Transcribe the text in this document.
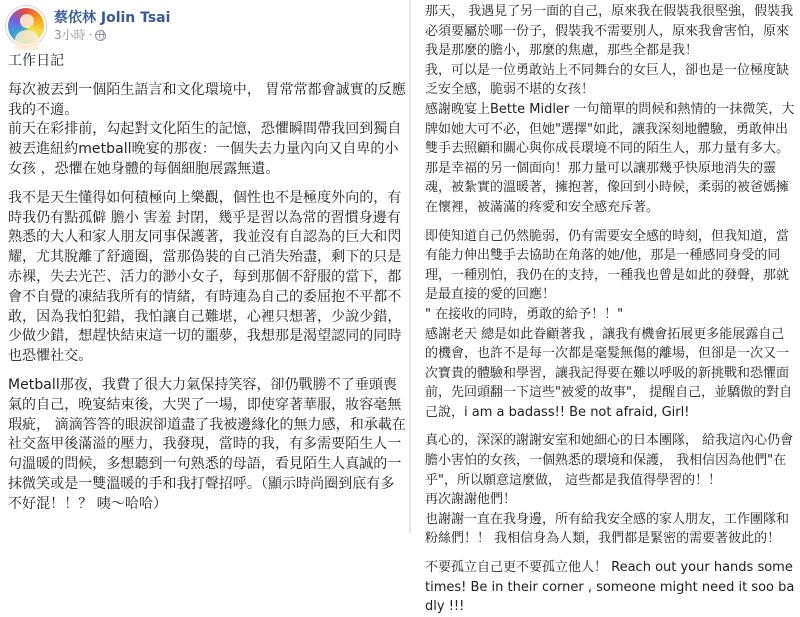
蔡依林 Jolin Tsai
3小時 ·
工作日記
每次被丟到一個陌生語言和文化環境中， 胃常常都會誠實的反應我的不適。
前天在彩排前，勾起對文化陌生的記憶，恐懼瞬間帶我回到獨自被丟進紐約metball晚宴的那夜：一個失去力量內向又自卑的小女孩 ，恐懼在她身體的每個細胞展露無遺。
我不是天生懂得如何積極向上樂觀，個性也不是極度外向的，有時我仍有點孤僻 膽小 害羞 封閉，幾乎是習以為常的習慣身邊有熟悉的大人和家人朋友同事保護著，我並沒有自認為的巨大和閃耀，尤其脫離了舒適圈，當那偽裝的自己消失殆盡，剩下的只是赤裸，失去光芒、活力的渺小女子，每到那個不舒服的當下，都會不自覺的凍結我所有的情緒，有時連為自己的委屈抱不平都不敢，因為我怕犯錯，我怕讓自己難堪，心裡只想著，少說少錯，少做少錯，想趕快結束這一切的噩夢，我想那是渴望認同的同時也恐懼社交。
Metball那夜，我費了很大力氣保持笑容，卻仍戰勝不了垂頭喪氣的自己，晚宴結束後，大哭了一場，即使穿著華服，妝容毫無瑕疵， 滴滴答答的眼淚卻道盡了我被邊緣化的無力感，和承載在社交盔甲後滿溢的壓力，我發現，當時的我，有多需要陌生人一句溫暖的問候，多想聽到一句熟悉的母語，看見陌生人真誠的一抹微笑或是一雙溫暖的手和我打聲招呼。（顯示時尚圈到底有多不好混！！？ 咦～哈哈）
那天， 我遇見了另一面的自己，原來我在假裝我很堅強，假裝我必須要屬於哪一份子，假裝我不需要別人，原來我會害怕，原來我是那麼的膽小，那麼的焦慮，那些全都是我！
我，可以是一位勇敢站上不同舞台的女巨人，卻也是一位極度缺乏安全感，脆弱不堪的女孩！
感謝晚宴上Bette Midler 一句簡單的問候和熱情的一抹微笑，大牌如她大可不必，但她"選擇"如此，讓我深刻地體驗，勇敢伸出雙手去照顧和關心與你成長環境不同的陌生人，那力量有多大。
那是幸福的另一個面向！那力量可以讓那幾乎快原地消失的靈魂，被紮實的溫暖著，擁抱著，像回到小時候，柔弱的被爸媽擁在懷裡，被滿滿的疼愛和安全感充斥著。
即使知道自己仍然脆弱，仍有需要安全感的時刻，但我知道，當有能力伸出雙手去協助在角落的她/他，那是一種感同身受的同理，一種別怕，我仍在的支持，一種我也曾是如此的發聲，那就是最直接的愛的回應！
" 在接收的同時，勇敢的給予！！"
感謝老天 總是如此眷顧著我 ，讓我有機會拓展更多能展露自己的機會，也許不是每一次都是毫髮無傷的離場，但卻是一次又一次寶貴的體驗和學習，讓我記得要在難以呼吸的新挑戰和恐懼面前，先回頭翻一下這些"被愛的故事"， 提醒自己，並驕傲的對自己說，i am a badass!! Be not afraid, Girl!
真心的，深深的謝謝安室和她細心的日本團隊， 給我這內心仍會膽小害怕的女孩，一個熟悉的環境和保護， 我相信因為他們"在乎"，所以願意這麼做， 這些都是我值得學習的！！
再次謝謝他們！
也謝謝一直在我身邊，所有給我安全感的家人朋友，工作團隊和粉絲們！！ 我相信身為人類，我們都是緊密的需要著彼此的！
不要孤立自己更不要孤立他人！ Reach out your hands sometimes! Be in their corner , someone might need it soo badly !!!
